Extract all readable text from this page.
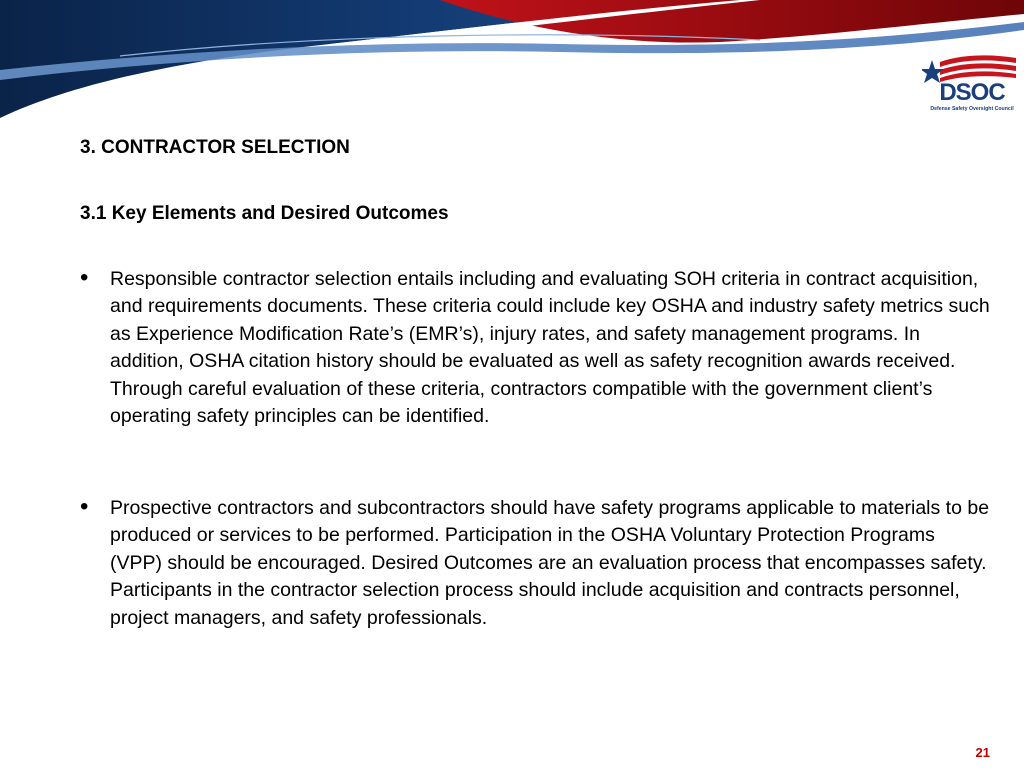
DSOC
Defense Safety Oversight Council
3. CONTRACTOR SELECTION
3.1 Key Elements and Desired Outcomes
• Responsible contractor selection entails including and evaluating SOH criteria in contract acquisition, and requirements documents. These criteria could include key OSHA and industry safety metrics such as Experience Modification Rate’s (EMR’s), injury rates, and safety management programs. In addition, OSHA citation history should be evaluated as well as safety recognition awards received. Through careful evaluation of these criteria, contractors compatible with the government client’s operating safety principles can be identified.
• Prospective contractors and subcontractors should have safety programs applicable to materials to be produced or services to be performed. Participation in the OSHA Voluntary Protection Programs (VPP) should be encouraged. Desired Outcomes are an evaluation process that encompasses safety. Participants in the contractor selection process should include acquisition and contracts personnel, project managers, and safety professionals.
21
